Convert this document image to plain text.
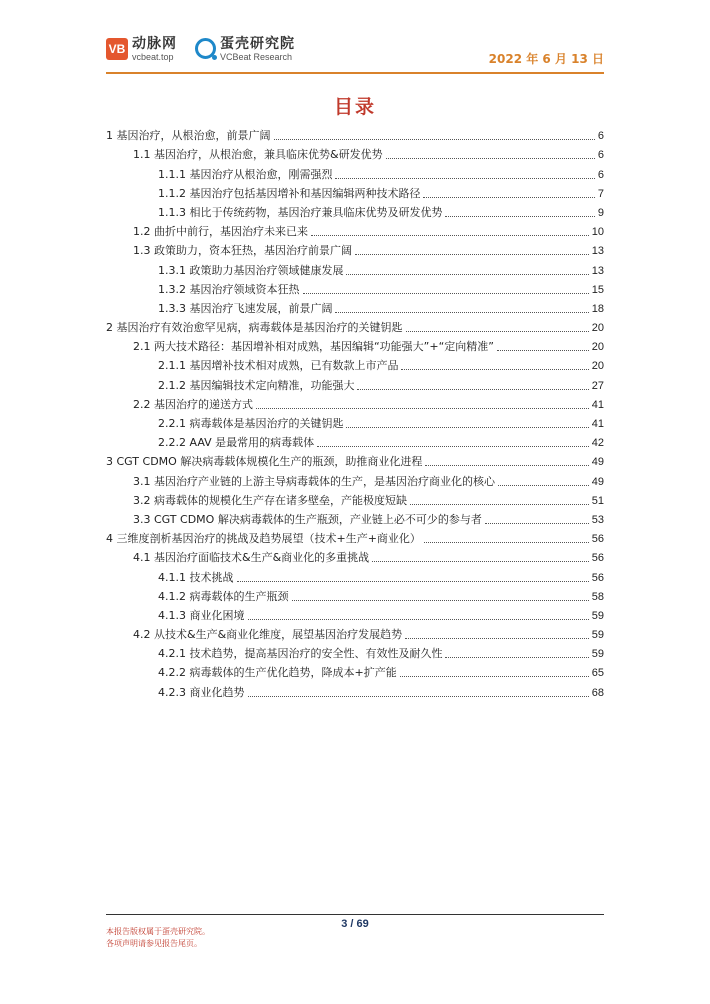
VB 动脉网
vcbeat.top
蛋壳研究院
VCBeat Research	2022 年 6 月 13 日
目录
1 基因治疗，从根治愈，前景广阔	6
1.1 基因治疗，从根治愈，兼具临床优势&研发优势	6
1.1.1 基因治疗从根治愈，刚需强烈	6
1.1.2 基因治疗包括基因增补和基因编辑两种技术路径	7
1.1.3 相比于传统药物，基因治疗兼具临床优势及研发优势	9
1.2 曲折中前行，基因治疗未来已来	10
1.3 政策助力，资本狂热，基因治疗前景广阔	13
1.3.1 政策助力基因治疗领域健康发展	13
1.3.2 基因治疗领域资本狂热	15
1.3.3 基因治疗飞速发展，前景广阔	18
2 基因治疗有效治愈罕见病，病毒载体是基因治疗的关键钥匙	20
2.1 两大技术路径：基因增补相对成熟，基因编辑“功能强大”+“定向精准”	20
2.1.1 基因增补技术相对成熟，已有数款上市产品	20
2.1.2 基因编辑技术定向精准，功能强大	27
2.2 基因治疗的递送方式	41
2.2.1 病毒载体是基因治疗的关键钥匙	41
2.2.2 AAV 是最常用的病毒载体	42
3 CGT CDMO 解决病毒载体规模化生产的瓶颈，助推商业化进程	49
3.1 基因治疗产业链的上游主导病毒载体的生产，是基因治疗商业化的核心	49
3.2 病毒载体的规模化生产存在诸多壁垒，产能极度短缺	51
3.3 CGT CDMO 解决病毒载体的生产瓶颈，产业链上必不可少的参与者	53
4 三维度剖析基因治疗的挑战及趋势展望（技术+生产+商业化）	56
4.1 基因治疗面临技术&生产&商业化的多重挑战	56
4.1.1 技术挑战	56
4.1.2 病毒载体的生产瓶颈	58
4.1.3 商业化困境	59
4.2 从技术&生产&商业化维度，展望基因治疗发展趋势	59
4.2.1 技术趋势，提高基因治疗的安全性、有效性及耐久性	59
4.2.2 病毒载体的生产优化趋势，降成本+扩产能	65
4.2.3 商业化趋势	68
3 / 69
本报告版权属于蛋壳研究院。
各项声明请参见报告尾页。
